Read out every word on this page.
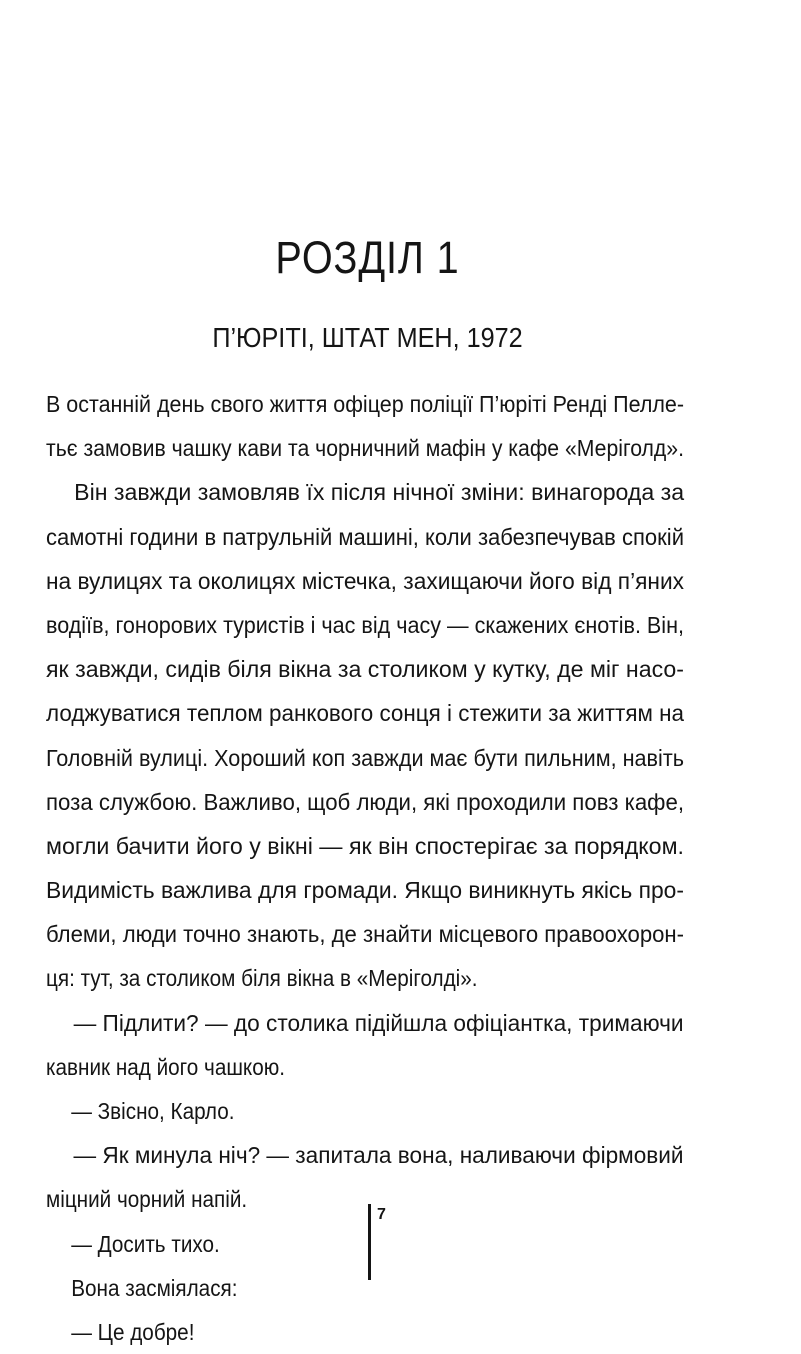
РОЗДІЛ 1
П’ЮРІТІ, ШТАТ МЕН, 1972
В останній день свого життя офіцер поліції П’юріті Ренді Пелле-
тьє замовив чашку кави та чорничний мафін у кафе «Меріголд».
Він завжди замовляв їх після нічної зміни: винагорода за
самотні години в патрульній машині, коли забезпечував спокій
на вулицях та околицях містечка, захищаючи його від п’яних
водіїв, гонорових туристів і час від часу — скажених єнотів. Він,
як завжди, сидів біля вікна за столиком у кутку, де міг насо-
лоджуватися теплом ранкового сонця і стежити за життям на
Головній вулиці. Хороший коп завжди має бути пильним, навіть
поза службою. Важливо, щоб люди, які проходили повз кафе,
могли бачити його у вікні — як він спостерігає за порядком.
Видимість важлива для громади. Якщо виникнуть якісь про-
блеми, люди точно знають, де знайти місцевого правоохорон-
ця: тут, за столиком біля вікна в «Меріголді».
— Підлити? — до столика підійшла офіціантка, тримаючи
кавник над його чашкою.
— Звісно, Карло.
— Як минула ніч? — запитала вона, наливаючи фірмовий
міцний чорний напій.
— Досить тихо.
Вона засміялася:
— Це добре!
7
